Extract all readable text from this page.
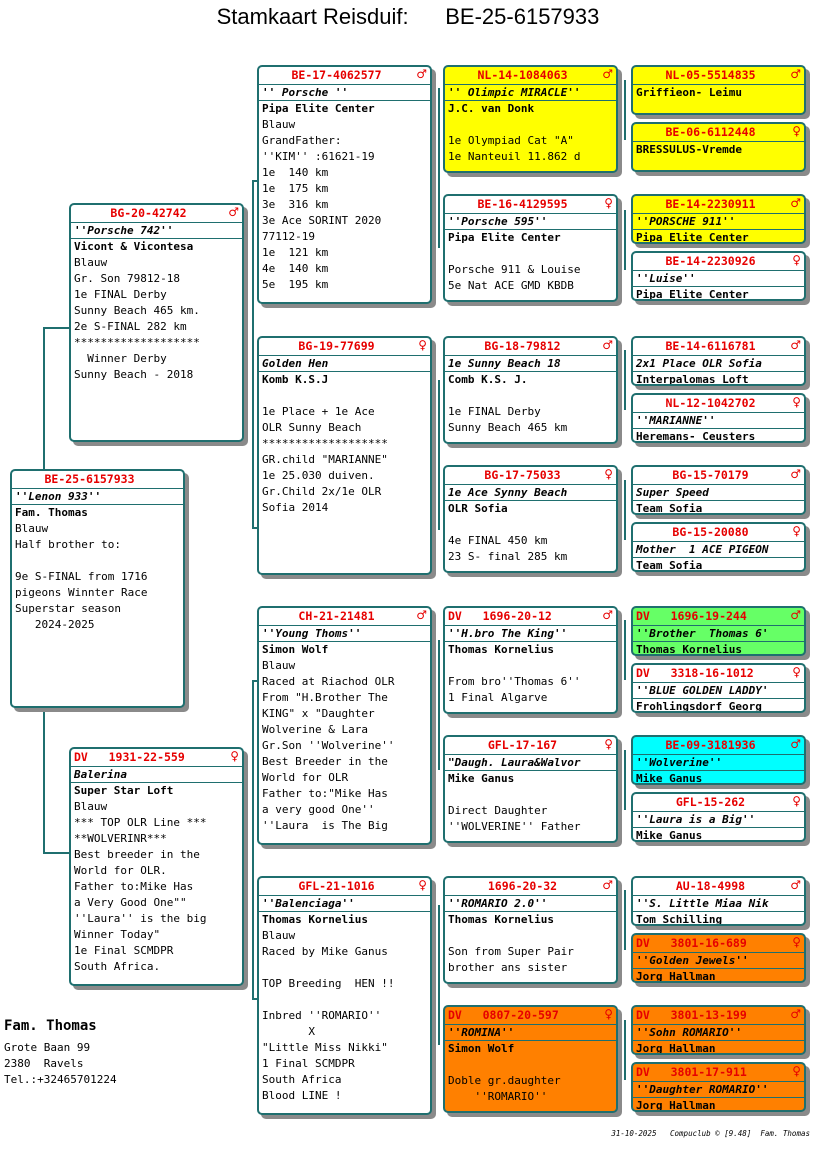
Stamkaart Reisduif:      BE-25-6157933
BE-25-6157933
''Lenon 933''
Fam. Thomas
Blauw
Half brother to:
9e S-FINAL from 1716
pigeons Winnter Race
Superstar season
2024-2025
BG-20-42742	♂
''Porsche 742''
Vicont & Vicontesa
Blauw
Gr. Son 79812-18
1e FINAL Derby
Sunny Beach 465 km.
2e S-FINAL 282 km
*******************
Winner Derby
Sunny Beach - 2018
DV   1931-22-559	♀
Balerina
Super Star Loft
Blauw
*** TOP OLR Line ***
**WOLVERINR***
Best breeder in the
World for OLR.
Father to:Mike Has
a Very Good One""
''Laura'' is the big
Winner Today"
1e Final SCMDPR
South Africa.
BE-17-4062577	♂
'' Porsche ''
Pipa Elite Center
Blauw
GrandFather:
''KIM'' :61621-19
1e  140 km
1e  175 km
3e  316 km
3e Ace SORINT 2020
77112-19
1e  121 km
4e  140 km
5e  195 km
BG-19-77699	♀
Golden Hen
Komb K.S.J
1e Place + 1e Ace
OLR Sunny Beach
*******************
GR.child "MARIANNE"
1e 25.030 duiven.
Gr.Child 2x/1e OLR
Sofia 2014
CH-21-21481	♂
''Young Thoms''
Simon Wolf
Blauw
Raced at Riachod OLR
From "H.Brother The
KING" x "Daughter
Wolverine & Lara
Gr.Son ''Wolverine''
Best Breeder in the
World for OLR
Father to:"Mike Has
a very good One''
''Laura  is The Big
GFL-21-1016	♀
''Balenciaga''
Thomas Kornelius
Blauw
Raced by Mike Ganus
TOP Breeding  HEN !!
Inbred ''ROMARIO''
X
"Little Miss Nikki"
1 Final SCMDPR
South Africa
Blood LINE !
NL-14-1084063	♂
'' Olimpic MIRACLE''
J.C. van Donk
1e Olympiad Cat "A"
1e Nanteuil 11.862 d
BE-16-4129595	♀
''Porsche 595''
Pipa Elite Center
Porsche 911 & Louise
5e Nat ACE GMD KBDB
BG-18-79812	♂
1e Sunny Beach 18
Comb K.S. J.
1e FINAL Derby
Sunny Beach 465 km
BG-17-75033	♀
1e Ace Synny Beach
OLR Sofia
4e FINAL 450 km
23 S- final 285 km
DV   1696-20-12	♂
''H.bro The King''
Thomas Kornelius
From bro''Thomas 6''
1 Final Algarve
GFL-17-167	♀
"Daugh. Laura&Walvor
Mike Ganus
Direct Daughter
''WOLVERINE'' Father
1696-20-32	♂
''ROMARIO 2.0''
Thomas Kornelius
Son from Super Pair
brother ans sister
DV   0807-20-597	♀
''ROMINA''
Simon Wolf
Doble gr.daughter
''ROMARIO''
NL-05-5514835	♂
Griffieon- Leimu
BE-06-6112448	♀
BRESSULUS-Vremde
BE-14-2230911	♂
''PORSCHE 911''
Pipa Elite Center
BE-14-2230926	♀
''Luise''
Pipa Elite Center
BE-14-6116781	♂
2x1 Place OLR Sofia
Interpalomas Loft
NL-12-1042702	♀
''MARIANNE''
Heremans- Ceusters
BG-15-70179	♂
Super Speed
Team Sofia
BG-15-20080	♀
Mother  1 ACE PIGEON
Team Sofia
DV   1696-19-244	♂
''Brother  Thomas 6'
Thomas Kornelius
DV   3318-16-1012	♀
''BLUE GOLDEN LADDY'
Frohlingsdorf Georg
BE-09-3181936	♂
''Wolverine''
Mike Ganus
GFL-15-262	♀
''Laura is a Big''
Mike Ganus
AU-18-4998	♂
''S. Little Miaa Nik
Tom Schilling
DV   3801-16-689	♀
''Golden Jewels''
Jorg Hallman
DV   3801-13-199	♂
''Sohn ROMARIO''
Jorg Hallman
DV   3801-17-911	♀
''Daughter ROMARIO''
Jorg Hallman
Fam. Thomas
Grote Baan 99
2380  Ravels
Tel.:+32465701224
31-10-2025   Compuclub © [9.48]  Fam. Thomas
